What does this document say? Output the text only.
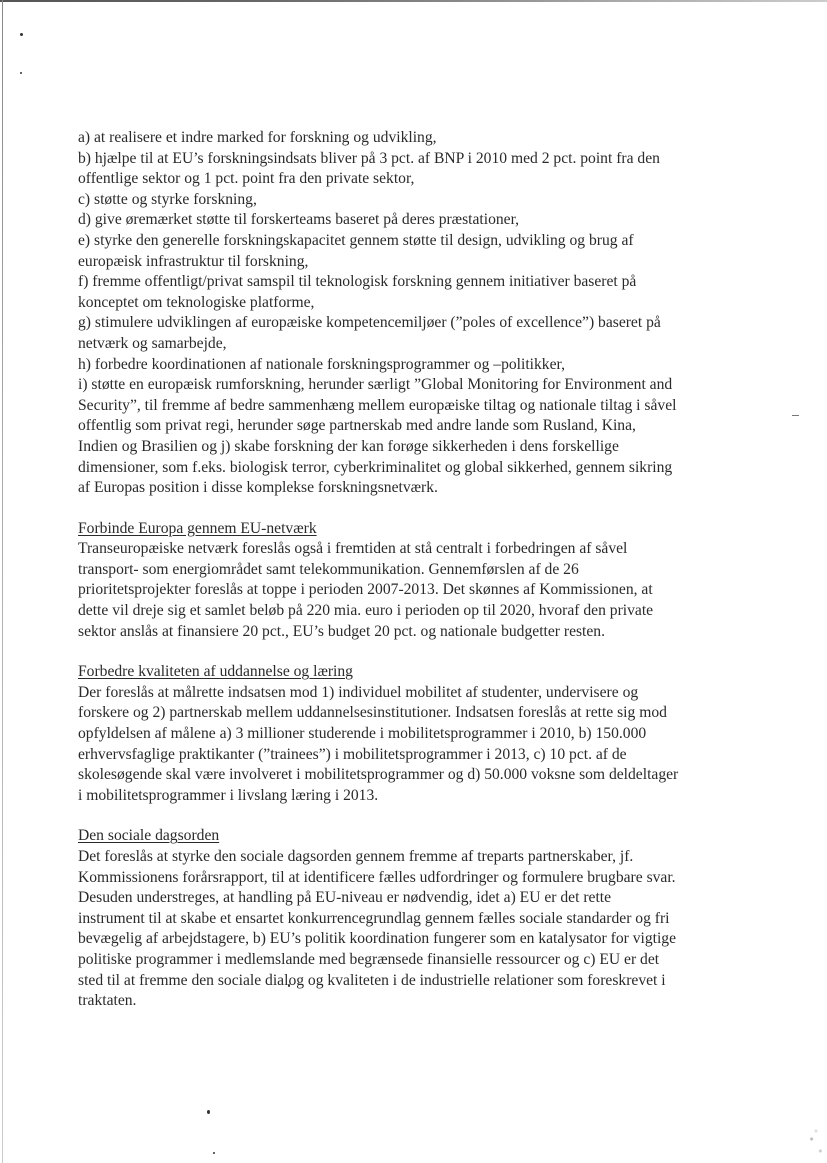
a) at realisere et indre marked for forskning og udvikling,
b) hjælpe til at EU’s forskningsindsats bliver på 3 pct. af BNP i 2010 med 2 pct. point fra den
offentlige sektor og 1 pct. point fra den private sektor,
c) støtte og styrke forskning,
d) give øremærket støtte til forskerteams baseret på deres præstationer,
e) styrke den generelle forskningskapacitet gennem støtte til design, udvikling og brug af
europæisk infrastruktur til forskning,
f) fremme offentligt/privat samspil til teknologisk forskning gennem initiativer baseret på
konceptet om teknologiske platforme,
g) stimulere udviklingen af europæiske kompetencemiljøer (”poles of excellence”) baseret på
netværk og samarbejde,
h) forbedre koordinationen af nationale forskningsprogrammer og –politikker,
i) støtte en europæisk rumforskning, herunder særligt ”Global Monitoring for Environment and
Security”, til fremme af bedre sammenhæng mellem europæiske tiltag og nationale tiltag i såvel
offentlig som privat regi, herunder søge partnerskab med andre lande som Rusland, Kina,
Indien og Brasilien og j) skabe forskning der kan forøge sikkerheden i dens forskellige
dimensioner, som f.eks. biologisk terror, cyberkriminalitet og global sikkerhed, gennem sikring
af Europas position i disse komplekse forskningsnetværk.
Forbinde Europa gennem EU-netværk
Transeuropæiske netværk foreslås også i fremtiden at stå centralt i forbedringen af såvel
transport- som energiområdet samt telekommunikation. Gennemførslen af de 26
prioritetsprojekter foreslås at toppe i perioden 2007-2013. Det skønnes af Kommissionen, at
dette vil dreje sig et samlet beløb på 220 mia. euro i perioden op til 2020, hvoraf den private
sektor anslås at finansiere 20 pct., EU’s budget 20 pct. og nationale budgetter resten.
Forbedre kvaliteten af uddannelse og læring
Der foreslås at målrette indsatsen mod 1) individuel mobilitet af studenter, undervisere og
forskere og 2) partnerskab mellem uddannelsesinstitutioner. Indsatsen foreslås at rette sig mod
opfyldelsen af målene a) 3 millioner studerende i mobilitetsprogrammer i 2010, b) 150.000
erhvervsfaglige praktikanter (”trainees”) i mobilitetsprogrammer i 2013, c) 10 pct. af de
skolesøgende skal være involveret i mobilitetsprogrammer og d) 50.000 voksne som deldeltager
i mobilitetsprogrammer i livslang læring i 2013.
Den sociale dagsorden
Det foreslås at styrke den sociale dagsorden gennem fremme af treparts partnerskaber, jf.
Kommissionens forårsrapport, til at identificere fælles udfordringer og formulere brugbare svar.
Desuden understreges, at handling på EU-niveau er nødvendig, idet a) EU er det rette
instrument til at skabe et ensartet konkurrencegrundlag gennem fælles sociale standarder og fri
bevægelig af arbejdstagere, b) EU’s politik koordination fungerer som en katalysator for vigtige
politiske programmer i medlemslande med begrænsede finansielle ressourcer og c) EU er det
sted til at fremme den sociale dialog og kvaliteten i de industrielle relationer som foreskrevet i
traktaten.
